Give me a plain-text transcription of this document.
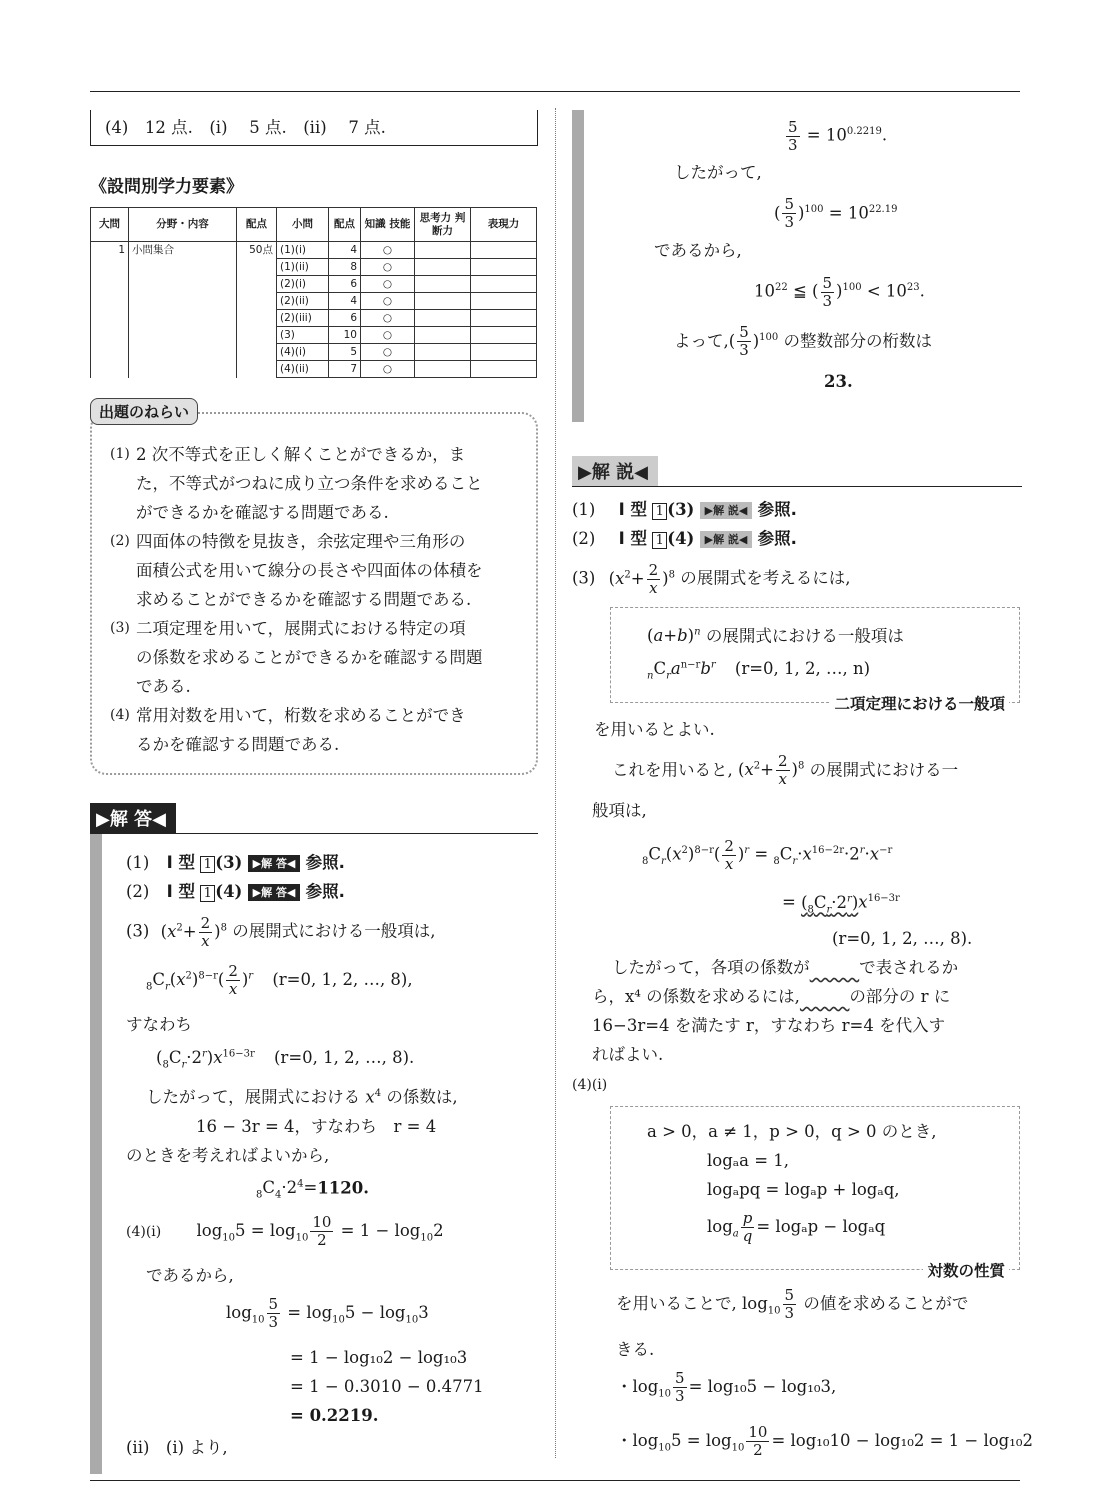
(4)　12 点.　(i)　 5 点.　(ii)　 7 点.
《設問別学力要素》
大問	分野・内容	配点	小問	配点	知識 技能	思考力 判断力	表現力
1	小問集合	50点	(1)(i)	4	○		
			(1)(ii)	8	○		
			(2)(i)	6	○		
			(2)(ii)	4	○		
			(2)(iii)	6	○		
			(3)	10	○		
			(4)(i)	5	○		
			(4)(ii)	7	○		
出題のねらい
(1) 2 次不等式を正しく解くことができるか，ま
た，不等式がつねに成り立つ条件を求めること
ができるかを確認する問題である.
(2) 四面体の特徴を見抜き，余弦定理や三角形の
面積公式を用いて線分の長さや四面体の体積を
求めることができるかを確認する問題である.
(3) 二項定理を用いて，展開式における特定の項
の係数を求めることができるかを確認する問題
である.
(4) 常用対数を用いて，桁数を求めることができ
るかを確認する問題である.
▶解 答◀
(1) I 型 1 (3) ▶解 答◀ 参照.
(2) I 型 1 (4) ▶解 答◀ 参照.
(3) $(x^2+ \frac{2}{x} )^8$ の展開式における一般項は,
$_8C_r(x^2)^{8-r}( \frac{2}{x} )^r$ (r=0, 1, 2, …, 8),
すなわち
$(_8C_r\cdot 2^r)x^{16-3r}$ (r=0, 1, 2, …, 8).
したがって，展開式における $x^4$ の係数は,
16 − 3r = 4，すなわち　r = 4
のときを考えればよいから,
$_8C_4\cdot 2^4=1120$.
(4)(i) $\log_{10}5 = \log_{10} \frac{10}{2} = 1 - \log_{10}2$
であるから,
$\log_{10} \frac{5}{3} = \log_{10}5 - \log_{10}3$
= 1 − log₁₀2 − log₁₀3
= 1 − 0.3010 − 0.4771
= 0.2219.
(ii)　(i) より,
$\frac{5}{3} = 10^{0.2219}$.
したがって,
( $\frac{5}{3} )^{100} = 10^{22.19}$
であるから,
$10^{22}$ ≦ ( $\frac{5}{3} )^{100} < 10^{23}$.
よって,( $\frac{5}{3} )^{100}$ の整数部分の桁数は
23.
▶解 説◀
(1) I 型 1 (3) ▶解 説◀ 参照.
(2) I 型 1 (4) ▶解 説◀ 参照.
(3) $(x^2+ \frac{2}{x} )^8$ の展開式を考えるには,
$(a+b)^n$ の展開式における一般項は
$_nC_ra^{n-r}b^r$ (r=0, 1, 2, …, n)
二項定理における一般項
を用いるとよい.
これを用いると, $(x^2+ \frac{2}{x} )^8$ の展開式における一
般項は,
$_8C_r(x^2)^{8-r}( \frac{2}{x} )^r = _8C_r\cdot x^{16-2r}\cdot 2^r\cdot x^{-r}$
= $(_8C_r\cdot 2^r)x^{16-3r}$
(r=0, 1, 2, …, 8).
したがって，各項の係数が　　　	で表されるか
ら，x⁴ の係数を求めるには,　　　	の部分の r に
16−3r=4 を満たす r，すなわち r=4 を代入す
ればよい.
(4)(i)
a > 0，a ≠ 1，p > 0，q > 0 のとき,
logₐa = 1,
logₐpq = logₐp + logₐq,
$\log_a \frac{p}{q} = \log_ap - \log_aq$
対数の性質
を用いることで, $\log_{10} \frac{5}{3}$ の値を求めることがで
きる.
・$\log_{10} \frac{5}{3} = \log_{10}5 - \log_{10}3$,
・$\log_{10}5 = \log_{10} \frac{10}{2} = \log_{10}10 - \log_{10}2 = 1 - \log_{10}2$
